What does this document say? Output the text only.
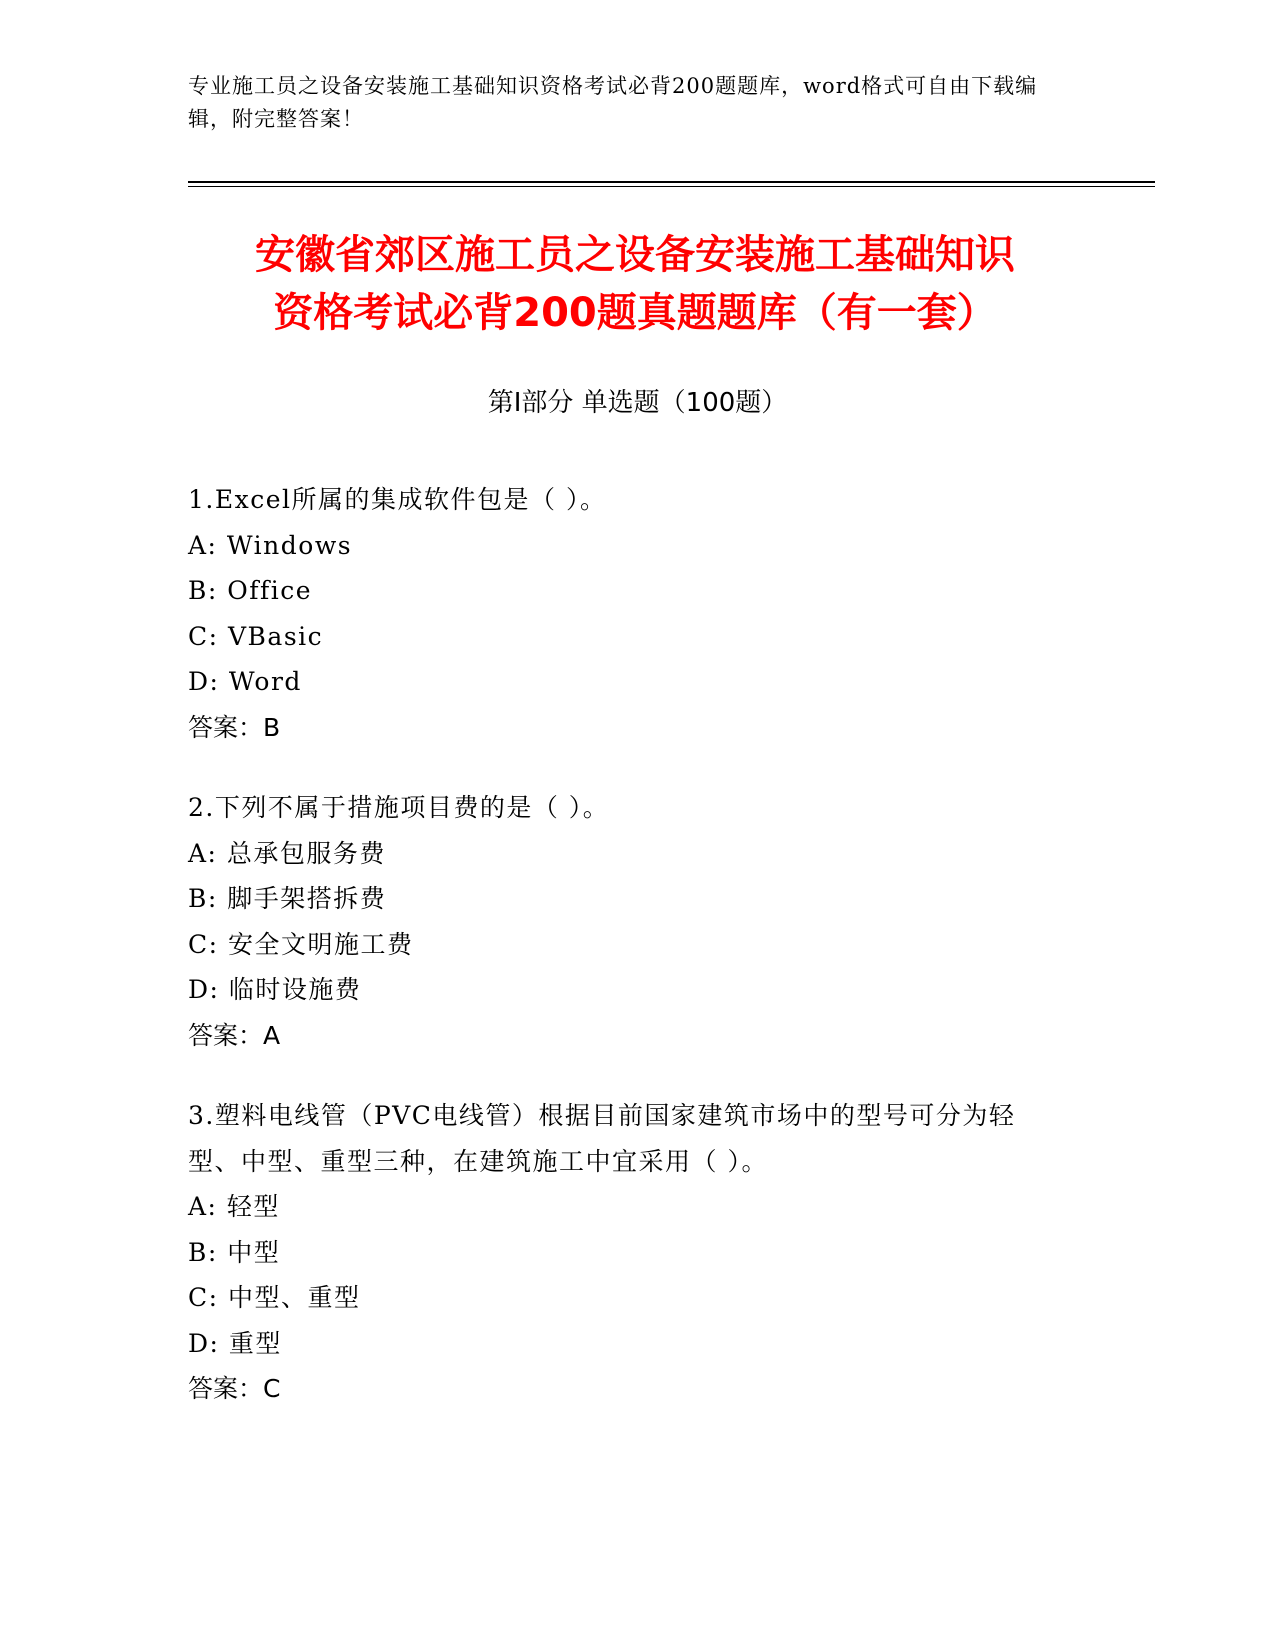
专业施工员之设备安装施工基础知识资格考试必背200题题库，word格式可自由下载编辑，附完整答案！
安徽省郊区施工员之设备安装施工基础知识
资格考试必背200题真题题库（有一套）
第Ⅰ部分 单选题（100题）
1.Excel所属的集成软件包是（ ）。
A: Windows
B: Office
C: VBasic
D: Word
答案：B
2.下列不属于措施项目费的是（ ）。
A: 总承包服务费
B: 脚手架搭拆费
C: 安全文明施工费
D: 临时设施费
答案：A
3.塑料电线管（PVC电线管）根据目前国家建筑市场中的型号可分为轻
型、中型、重型三种，在建筑施工中宜采用（ ）。
A: 轻型
B: 中型
C: 中型、重型
D: 重型
答案：C
